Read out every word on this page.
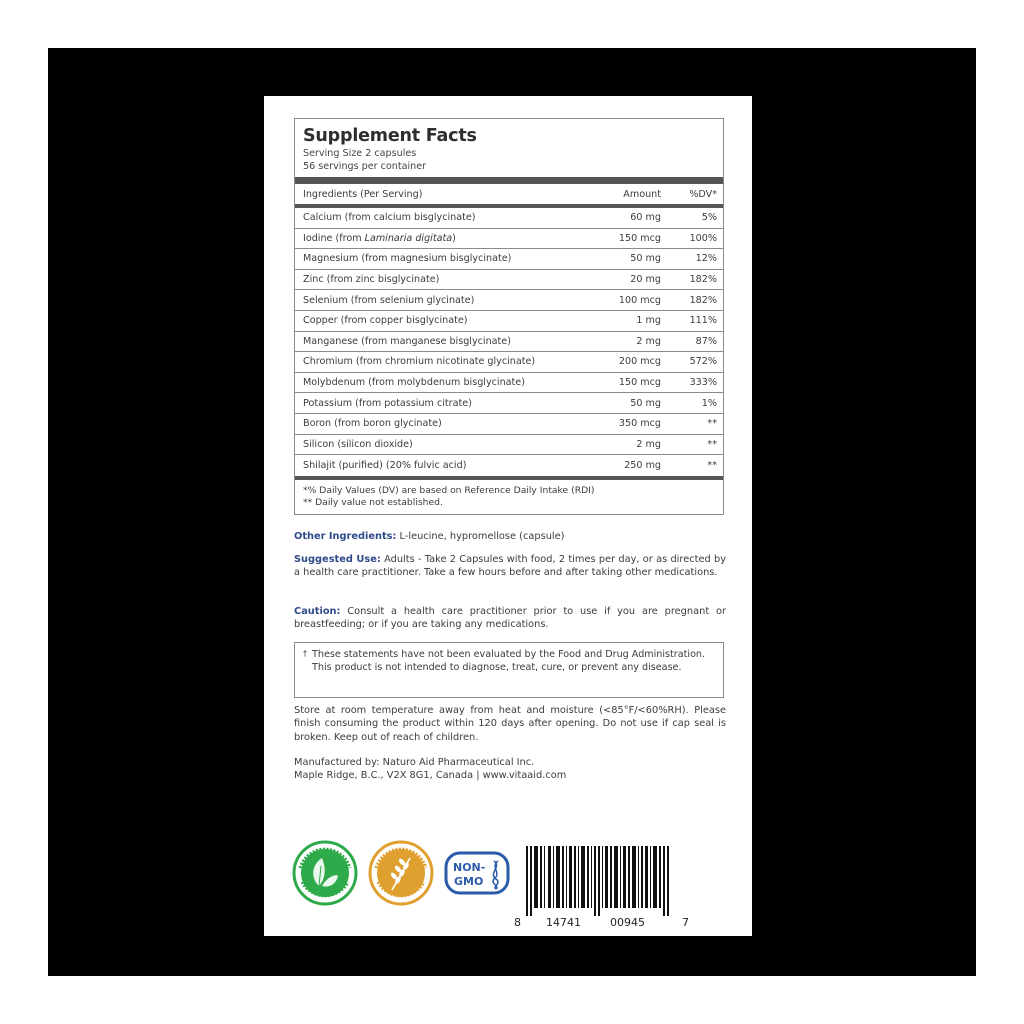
Supplement Facts
Serving Size 2 capsules
56 servings per container
Ingredients (Per Serving)	Amount	%DV*
Calcium (from calcium bisglycinate)	60 mg	5%
Iodine (from Laminaria digitata)	150 mcg	100%
Magnesium (from magnesium bisglycinate)	50 mg	12%
Zinc (from zinc bisglycinate)	20 mg	182%
Selenium (from selenium glycinate)	100 mcg	182%
Copper (from copper bisglycinate)	1 mg	111%
Manganese (from manganese bisglycinate)	2 mg	87%
Chromium (from chromium nicotinate glycinate)	200 mcg	572%
Molybdenum (from molybdenum bisglycinate)	150 mcg	333%
Potassium (from potassium citrate)	50 mg	1%
Boron (from boron glycinate)	350 mcg	**
Silicon (silicon dioxide)	2 mg	**
Shilajit (purified) (20% fulvic acid)	250 mg	**
*% Daily Values (DV) are based on Reference Daily Intake (RDI)
** Daily value not established.
Other Ingredients: L-leucine, hypromellose (capsule)
Suggested Use: Adults - Take 2 Capsules with food, 2 times per day, or as directed by a health care practitioner. Take a few hours before and after taking other medications.
Caution: Consult a health care practitioner prior to use if you are pregnant or breastfeeding; or if you are taking any medications.
† These statements have not been evaluated by the Food and Drug Administration. This product is not intended to diagnose, treat, cure, or prevent any disease.
Store at room temperature away from heat and moisture (<85°F/<60%RH). Please finish consuming the product within 120 days after opening. Do not use if cap seal is broken. Keep out of reach of children.
Manufactured by: Naturo Aid Pharmaceutical Inc.
Maple Ridge, B.C., V2X 8G1, Canada | www.vitaaid.com
NON-
GMO
8 14741	00945	7
